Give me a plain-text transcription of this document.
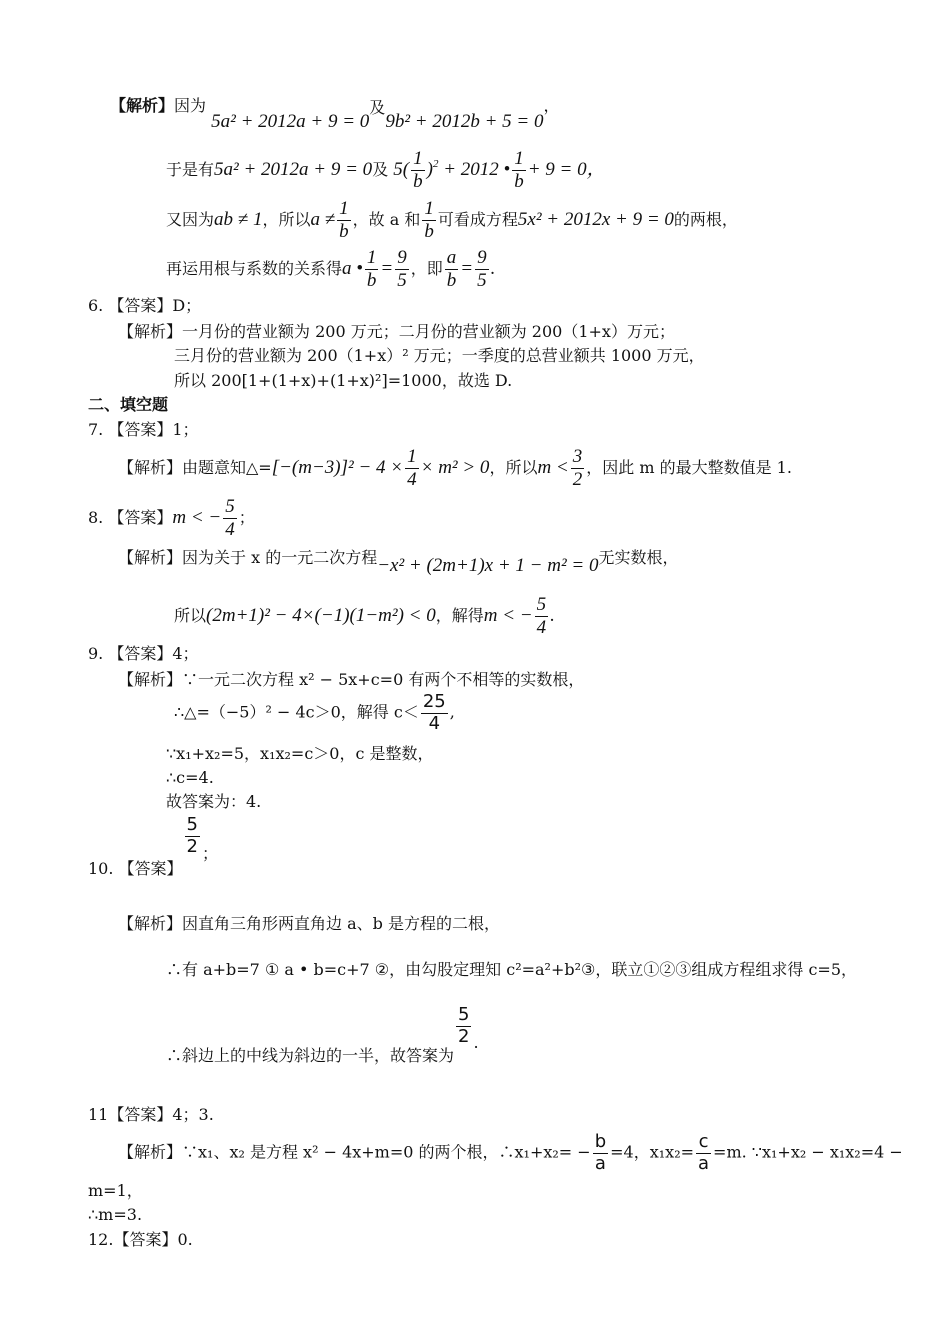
【解析】因为 5a² + 2012a + 9 = 0及9b² + 2012b + 5 = 0，
于是有5a² + 2012a + 9 = 0及 $5( \frac{1}{b} )^2 + 2012$ • $\frac{1}{b} + 9 = 0$，
又因为ab ≠ 1，所以$a \ne \frac{1}{b}$ ，故 a 和 $\frac{1}{b}$ 可看成方程5x² + 2012x + 9 = 0的两根，
再运用根与系数的关系得a • $\frac{1}{b} = \frac{9}{5}$ ，即 $\frac{a}{b} = \frac{9}{5}$ .
6. 【答案】D；
【解析】一月份的营业额为 200 万元；二月份的营业额为 200（1+x）万元；
三月份的营业额为 200（1+x）² 万元；一季度的总营业额共 1000 万元，
所以 200[1+(1+x)+(1+x)²]=1000，故选 D.
二、填空题
7. 【答案】1；
【解析】由题意知△=[−(m−3)]² − $4 \times \frac{1}{4} \times m^2 > 0$，所以$m < \frac{3}{2}$ ，因此 m 的最大整数值是 1.
8. 【答案】m < − $\frac{5}{4}$ ；
【解析】因为关于 x 的一元二次方程−x² + (2m+1)x + 1 − m² = 0无实数根，
所以(2m+1)² − 4×(−1)(1−m²) < 0，解得m < − $\frac{5}{4}$ .
9. 【答案】4；
【解析】∵一元二次方程 x² − 5x+c=0 有两个不相等的实数根，
∴△=（−5）² − 4c＞0，解得 $c< \frac{25}{4}$ ,
∵x₁+x₂=5，x₁x₂=c＞0，c 是整数，
∴c=4.
故答案为：4.
10. 【答案】
$\frac{5}{2}$ ；
【解析】因直角三角形两直角边 a、b 是方程的二根，
∴有 a+b=7 ① a • b=c+7 ②，由勾股定理知 c²=a²+b²③，联立①②③组成方程组求得 c=5，
∴斜边上的中线为斜边的一半，故答案为
$\frac{5}{2}$ .
11【答案】4；3.
【解析】∵x₁、x₂ 是方程 x² − 4x+m=0 的两个根，∴x₁+x₂= − $\frac{b}{a} =4$，$x_1x_2= \frac{c}{a} =m$. ∵x₁+x₂ − x₁x₂=4 −
m=1，
∴m=3.
12.【答案】0.
